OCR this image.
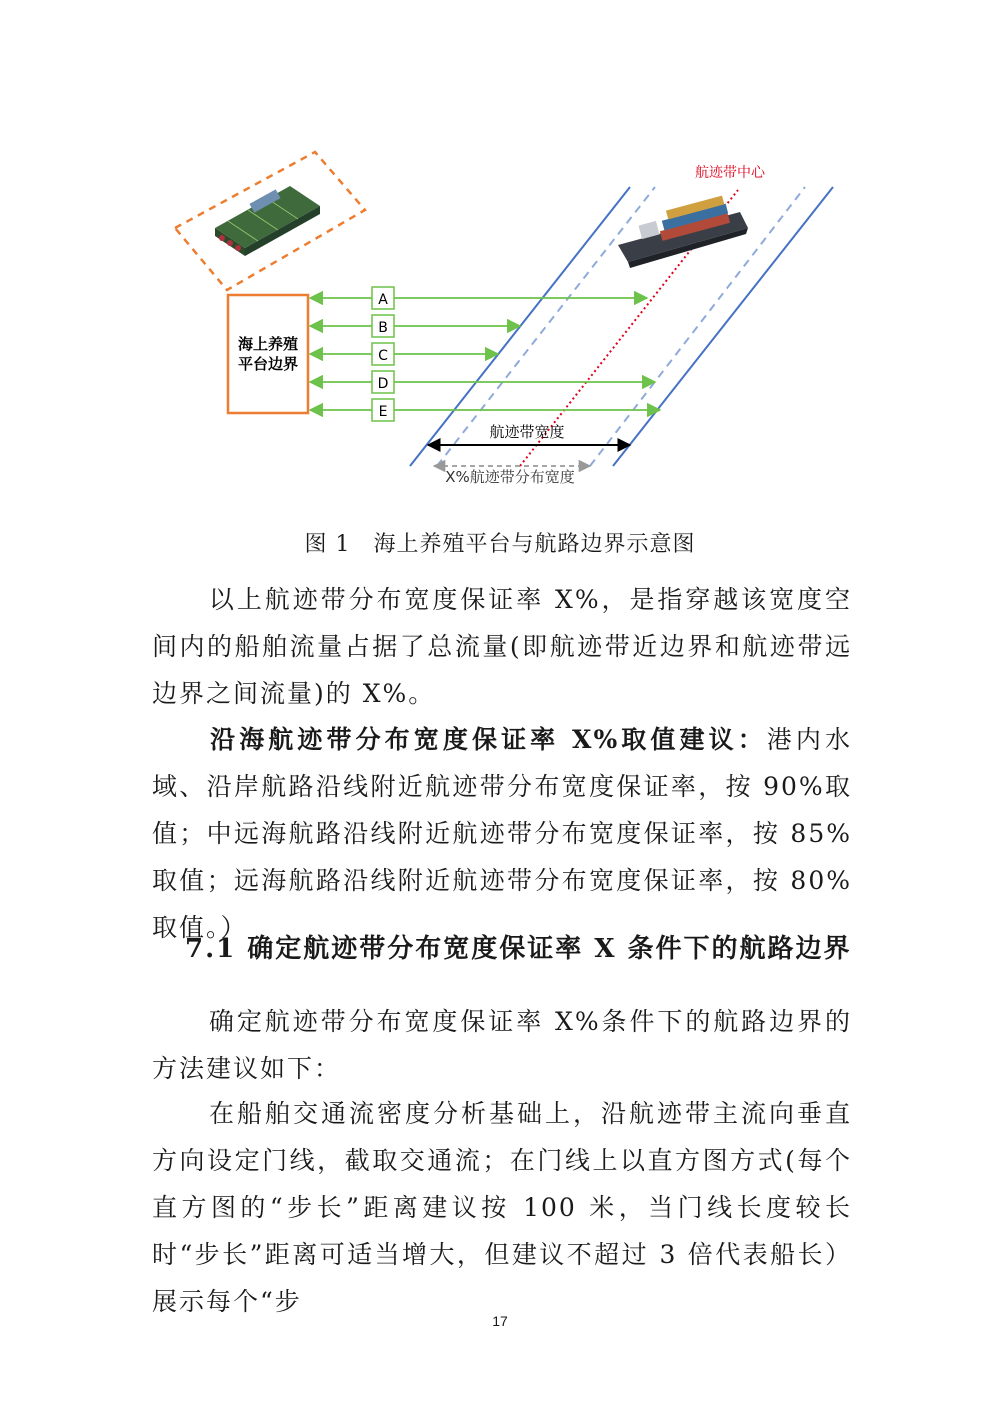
海上养殖
平台边界
航迹带中心
A
B
C
D
E
航迹带宽度
X%航迹带分布宽度
图 1　海上养殖平台与航路边界示意图

以上航迹带分布宽度保证率 X%，是指穿越该宽度空间内的船舶流量占据了总流量(即航迹带近边界和航迹带远边界之间流量)的 X%。

沿海航迹带分布宽度保证率 X%取值建议：港内水域、沿岸航路沿线附近航迹带分布宽度保证率，按 90%取值；中远海航路沿线附近航迹带分布宽度保证率，按 85%取值；远海航路沿线附近航迹带分布宽度保证率，按 80%取值。）

7.1 确定航迹带分布宽度保证率 X 条件下的航路边界

确定航迹带分布宽度保证率 X%条件下的航路边界的方法建议如下：

在船舶交通流密度分析基础上，沿航迹带主流向垂直方向设定门线，截取交通流；在门线上以直方图方式(每个直方图的“步长”距离建议按 100 米，当门线长度较长时“步长”距离可适当增大，但建议不超过 3 倍代表船长）展示每个“步

17
